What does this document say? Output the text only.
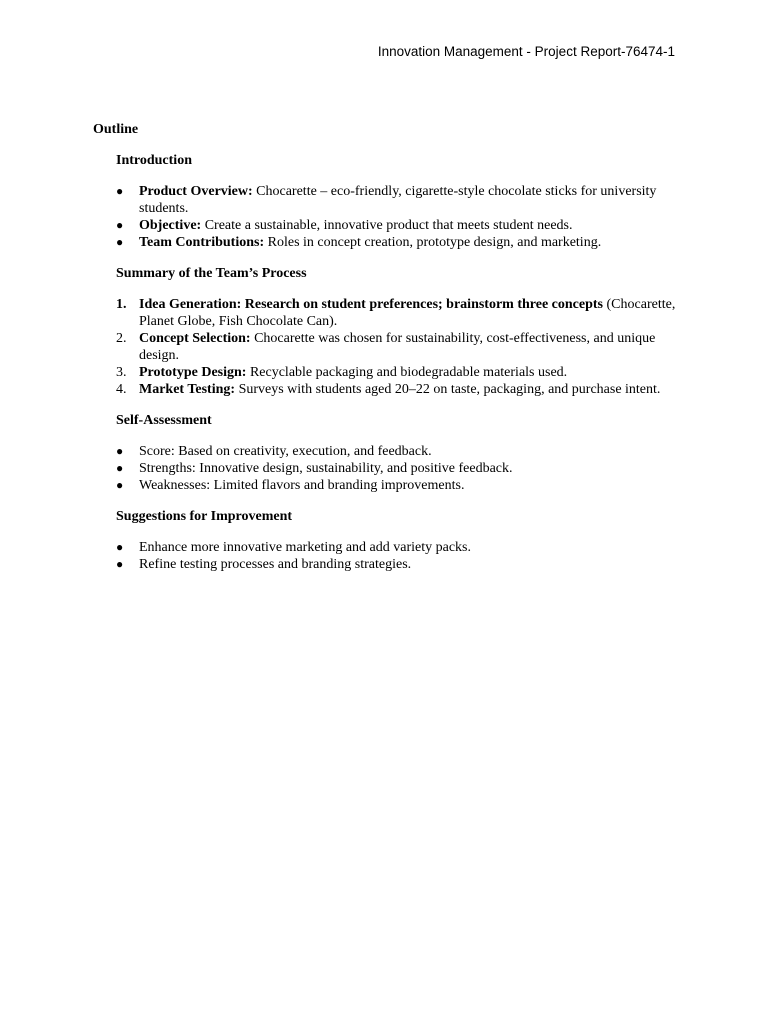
Innovation Management - Project Report-76474-1
Outline
Introduction
●	Product Overview: Chocarette – eco-friendly, cigarette-style chocolate sticks for university students.
●	Objective: Create a sustainable, innovative product that meets student needs.
●	Team Contributions: Roles in concept creation, prototype design, and marketing.
Summary of the Team’s Process
1. Idea Generation: Research on student preferences; brainstorm three concepts (Chocarette, Planet Globe, Fish Chocolate Can).
2. Concept Selection: Chocarette was chosen for sustainability, cost-effectiveness, and unique design.
3. Prototype Design: Recyclable packaging and biodegradable materials used.
4. Market Testing: Surveys with students aged 20–22 on taste, packaging, and purchase intent.
Self-Assessment
●	Score: Based on creativity, execution, and feedback.
●	Strengths: Innovative design, sustainability, and positive feedback.
●	Weaknesses: Limited flavors and branding improvements.
Suggestions for Improvement
●	Enhance more innovative marketing and add variety packs.
●	Refine testing processes and branding strategies.
